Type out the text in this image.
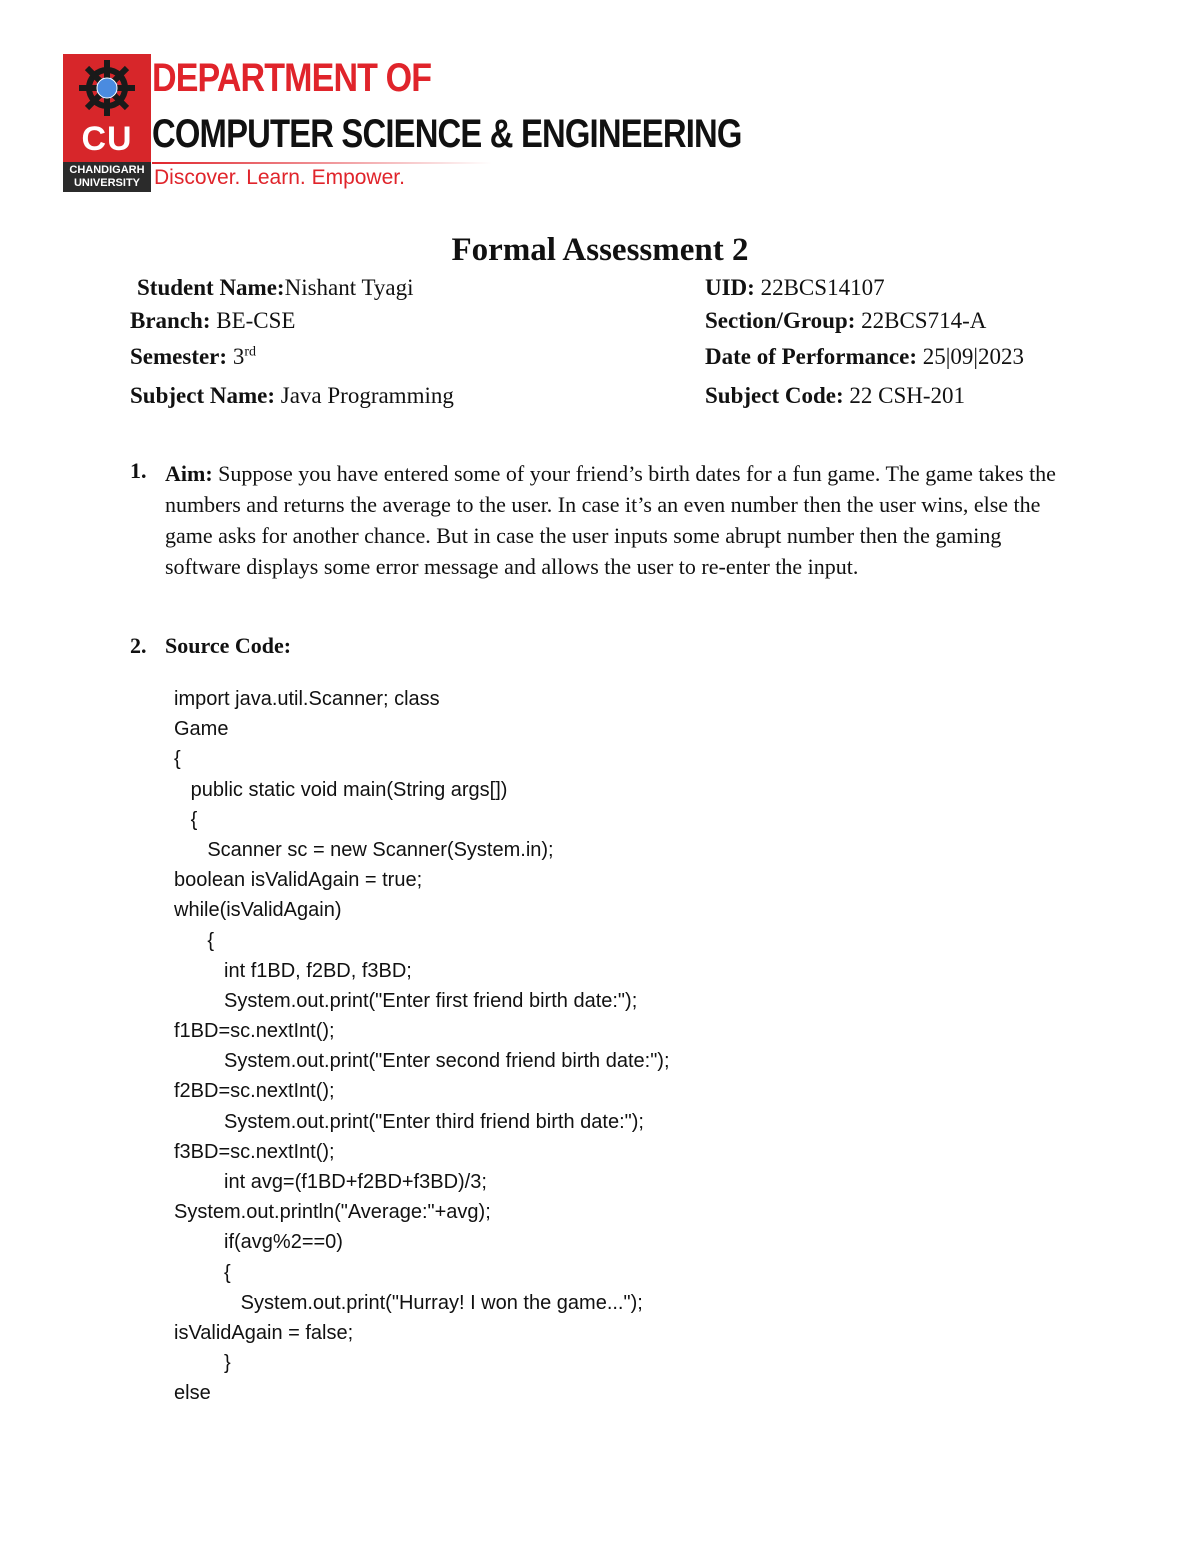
CU
CHANDIGARH UNIVERSITY
DEPARTMENT OF
COMPUTER SCIENCE & ENGINEERING
Discover. Learn. Empower.
Formal Assessment 2
Student Name:Nishant Tyagi	UID: 22BCS14107
Branch: BE-CSE	Section/Group: 22BCS714-A
Semester: 3rd	Date of Performance: 25|09|2023
Subject Name: Java Programming	Subject Code: 22 CSH-201
1. Aim: Suppose you have entered some of your friend’s birth dates for a fun game. The game takes the numbers and returns the average to the user. In case it’s an even number then the user wins, else the game asks for another chance. But in case the user inputs some abrupt number then the gaming software displays some error message and allows the user to re-enter the input.
2. Source Code:
import java.util.Scanner; class
Game
{
public static void main(String args[])
{
Scanner sc = new Scanner(System.in);
boolean isValidAgain = true;
while(isValidAgain)
{
int f1BD, f2BD, f3BD;
System.out.print("Enter first friend birth date:");
f1BD=sc.nextInt();
System.out.print("Enter second friend birth date:");
f2BD=sc.nextInt();
System.out.print("Enter third friend birth date:");
f3BD=sc.nextInt();
int avg=(f1BD+f2BD+f3BD)/3;
System.out.println("Average:"+avg);
if(avg%2==0)
{
System.out.print("Hurray! I won the game...");
isValidAgain = false;
}
else
